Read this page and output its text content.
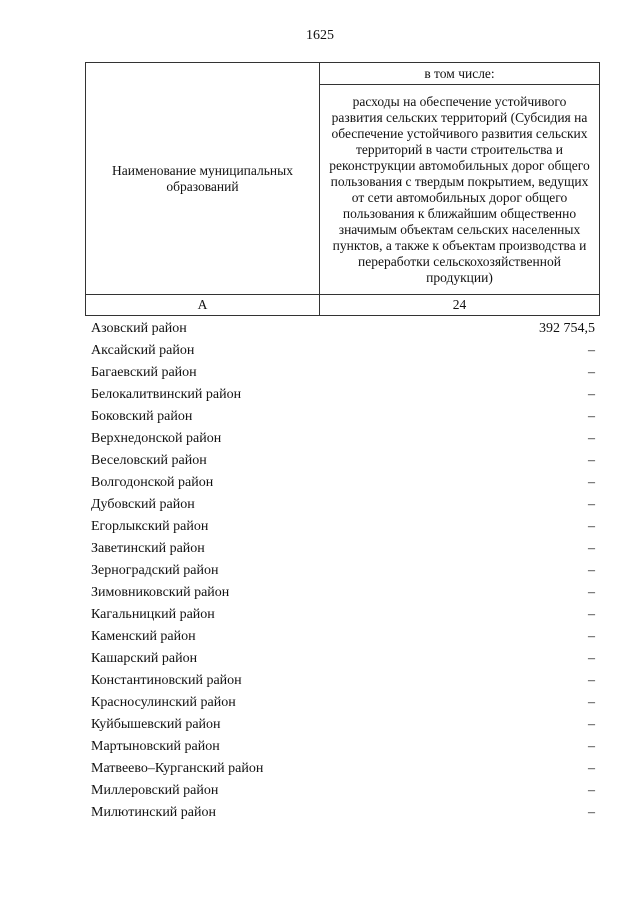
1625
Наименование муниципальных образований	в том числе:
	расходы на обеспечение устойчивого развития сельских территорий (Субсидия на обеспечение устойчивого развития сельских территорий в части строительства и реконструкции автомобильных дорог общего пользования с твердым покрытием, ведущих от сети автомобильных дорог общего пользования к ближайшим общественно значимым объектам сельских населенных пунктов, а также к объектам производства и переработки сельскохозяйственной продукции)
А	24
Азовский район	392 754,5
Аксайский район	–
Багаевский район	–
Белокалитвинский район	–
Боковский район	–
Верхнедонской район	–
Веселовский район	–
Волгодонской район	–
Дубовский район	–
Егорлыкский район	–
Заветинский район	–
Зерноградский район	–
Зимовниковский район	–
Кагальницкий район	–
Каменский район	–
Кашарский район	–
Константиновский район	–
Красносулинский район	–
Куйбышевский район	–
Мартыновский район	–
Матвеево–Курганский район	–
Миллеровский район	–
Милютинский район	–
